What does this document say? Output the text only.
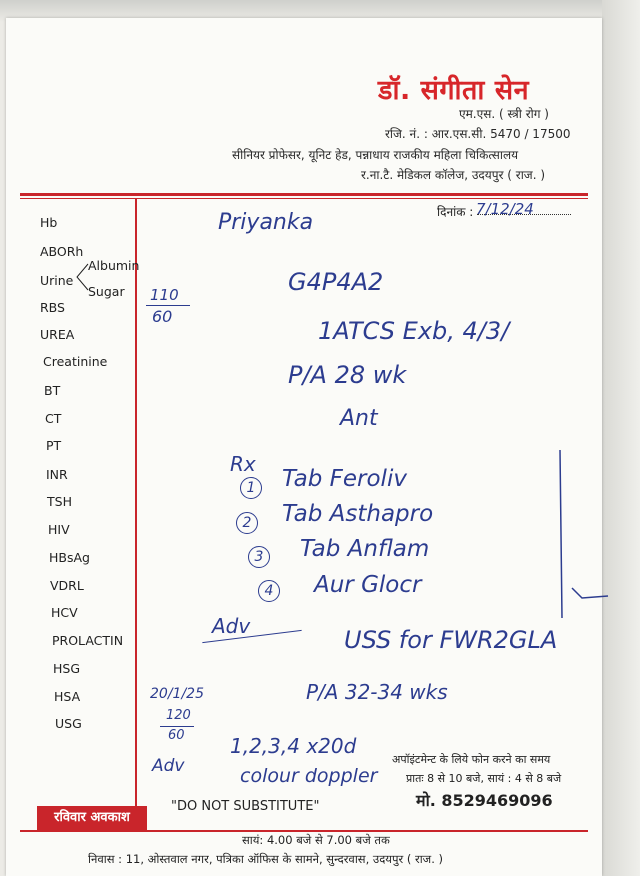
डॉ. संगीता सेन
एम.एस. ( स्त्री रोग )
रजि. नं. : आर.एस.सी. 5470 / 17500
सीनियर प्रोफेसर, यूनिट हेड, पन्नाधाय राजकीय महिला चिकित्सालय
र.ना.टै. मेडिकल कॉलेज, उदयपुर ( राज. )
दिनांक :
Hb
ABORh
Urine
Albumin
Sugar
RBS
UREA
Creatinine
BT
CT
PT
INR
TSH
HIV
HBsAg
VDRL
HCV
PROLACTIN
HSG
HSA
USG
Priyanka
7/12/24
110
60
G4P4A2
1ATCS Exb, 4/3/
P/A 28 wk
Ant
Rx
1 Tab Feroliv
2 Tab Asthapro
3 Tab Anflam
4 Aur Glocr
Adv	USS for FWR2GLA
20/1/25
120
60
P/A 32-34 wks
Adv
1,2,3,4 x20d
colour doppler
अपॉइंटमेन्ट के लिये फोन करने का समय
प्रातः 8 से 10 बजे, सायं : 4 से 8 बजे
मो. 8529469096
रविवार अवकाश
"DO NOT SUBSTITUTE"
सायं: 4.00 बजे से 7.00 बजे तक
निवास : 11, ओस्तवाल नगर, पत्रिका ऑफिस के सामने, सुन्दरवास, उदयपुर ( राज. )
